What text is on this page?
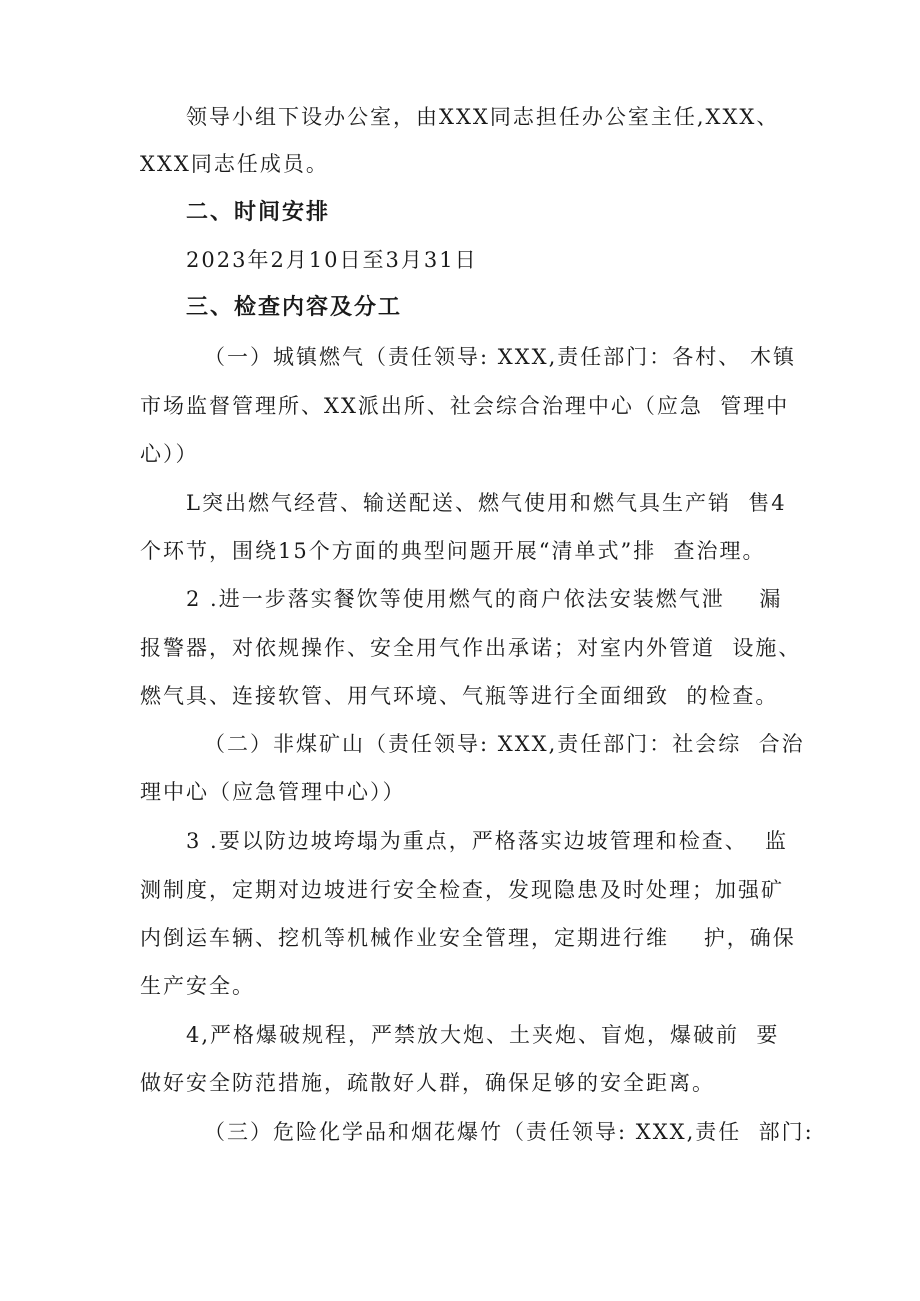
领导小组下设办公室，由XXX同志担任办公室主任,XXX、
XXX同志任成员。
二、时间安排
2023年2月10日至3月31日
三、检查内容及分工
（一）城镇燃气（责任领导: XXX,责任部门：各村、 木镇
市场监督管理所、XX派出所、社会综合治理中心（应急  管理中
心））
L突出燃气经营、输送配送、燃气使用和燃气具生产销  售4
个环节，围绕15个方面的典型问题开展“清单式”排  查治理。
2 .进一步落实餐饮等使用燃气的商户依法安装燃气泄    漏
报警器，对依规操作、安全用气作出承诺；对室内外管道  设施、
燃气具、连接软管、用气环境、气瓶等进行全面细致  的检查。
（二）非煤矿山（责任领导: XXX,责任部门：社会综  合治
理中心（应急管理中心））
3 .要以防边坡垮塌为重点，严格落实边坡管理和检查、  监
测制度，定期对边坡进行安全检查，发现隐患及时处理；加强矿
内倒运车辆、挖机等机械作业安全管理，定期进行维    护，确保
生产安全。
4,严格爆破规程，严禁放大炮、土夹炮、盲炮，爆破前  要
做好安全防范措施，疏散好人群，确保足够的安全距离。
（三）危险化学品和烟花爆竹（责任领导: XXX,责任  部门:
